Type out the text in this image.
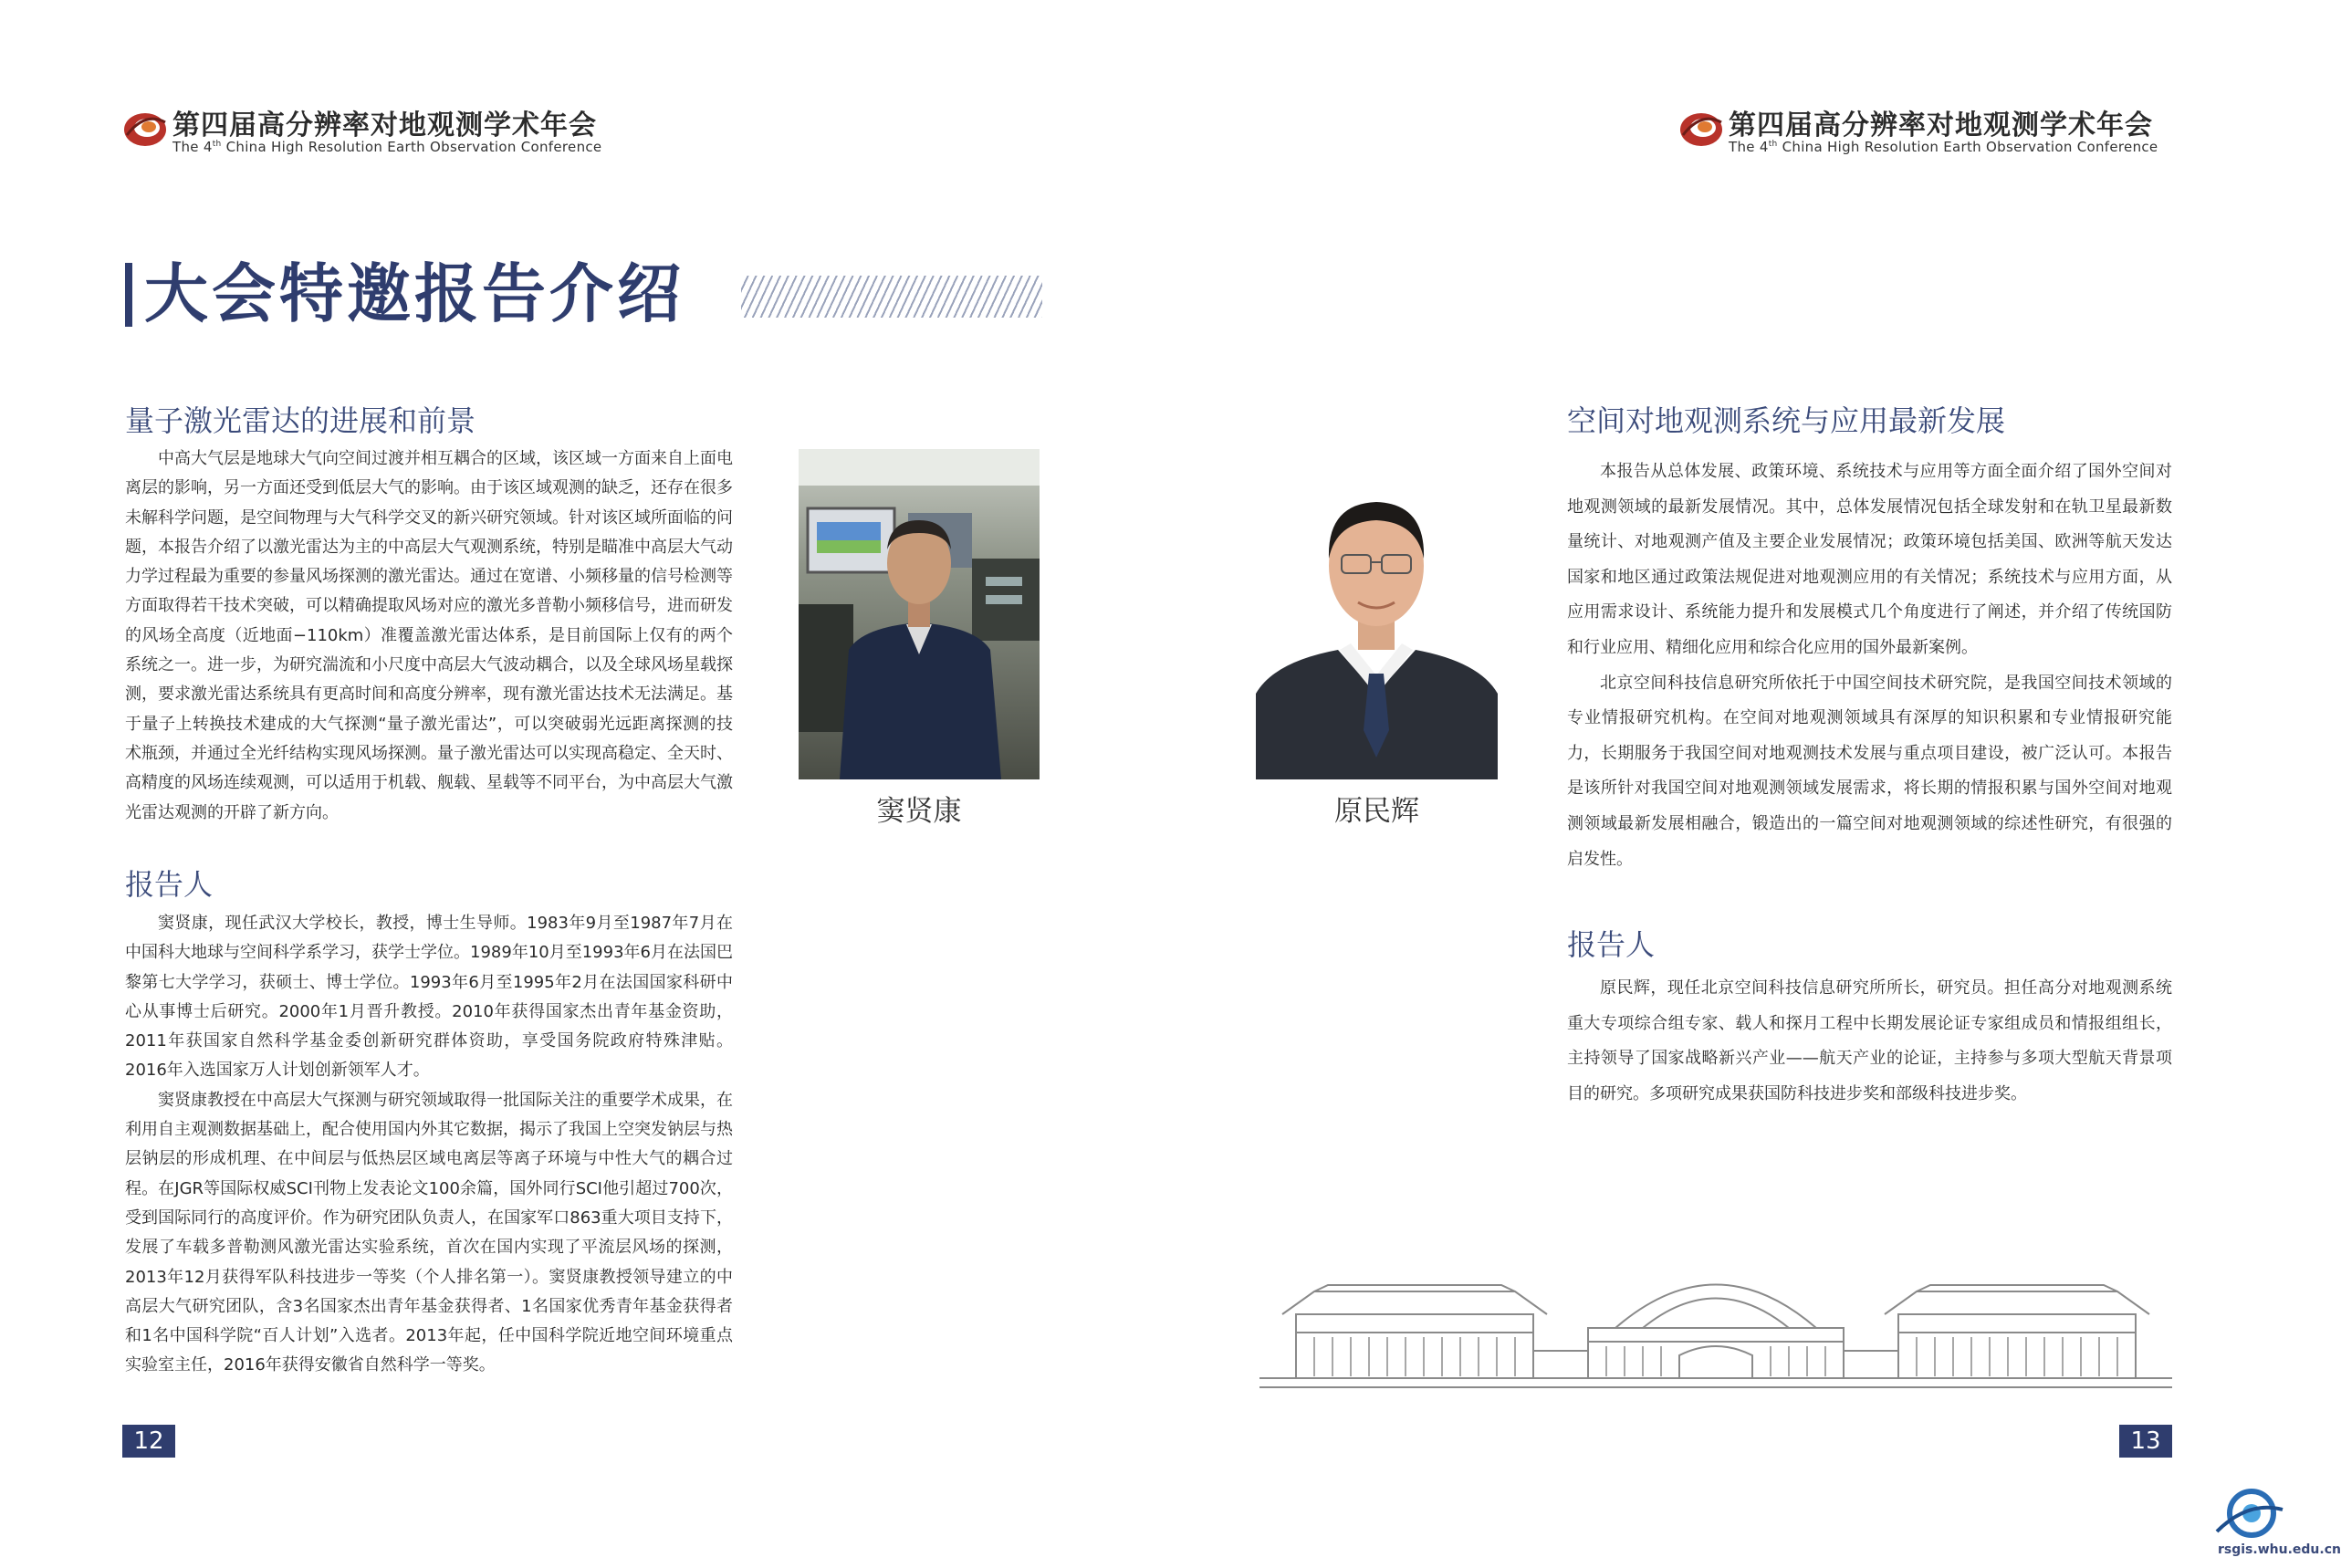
第四届高分辨率对地观测学术年会
The 4th China High Resolution Earth Observation Conference
第四届高分辨率对地观测学术年会
The 4th China High Resolution Earth Observation Conference
大会特邀报告介绍
量子激光雷达的进展和前景

中高大气层是地球大气向空间过渡并相互耦合的区域，该区域一方面来自上面电离层的影响，另一方面还受到低层大气的影响。由于该区域观测的缺乏，还存在很多未解科学问题，是空间物理与大气科学交叉的新兴研究领域。针对该区域所面临的问题，本报告介绍了以激光雷达为主的中高层大气观测系统，特别是瞄准中高层大气动力学过程最为重要的参量风场探测的激光雷达。通过在宽谱、小频移量的信号检测等方面取得若干技术突破，可以精确提取风场对应的激光多普勒小频移信号，进而研发的风场全高度（近地面−110km）准覆盖激光雷达体系，是目前国际上仅有的两个系统之一。进一步，为研究湍流和小尺度中高层大气波动耦合，以及全球风场星载探测，要求激光雷达系统具有更高时间和高度分辨率，现有激光雷达技术无法满足。基于量子上转换技术建成的大气探测“量子激光雷达”，可以突破弱光远距离探测的技术瓶颈，并通过全光纤结构实现风场探测。量子激光雷达可以实现高稳定、全天时、高精度的风场连续观测，可以适用于机载、舰载、星载等不同平台，为中高层大气激光雷达观测的开辟了新方向。	窦贤康
报告人

窦贤康，现任武汉大学校长，教授，博士生导师。1983年9月至1987年7月在中国科大地球与空间科学系学习，获学士学位。1989年10月至1993年6月在法国巴黎第七大学学习，获硕士、博士学位。1993年6月至1995年2月在法国国家科研中心从事博士后研究。2000年1月晋升教授。2010年获得国家杰出青年基金资助，2011年获国家自然科学基金委创新研究群体资助，享受国务院政府特殊津贴。2016年入选国家万人计划创新领军人才。

窦贤康教授在中高层大气探测与研究领域取得一批国际关注的重要学术成果，在利用自主观测数据基础上，配合使用国内外其它数据，揭示了我国上空突发钠层与热层钠层的形成机理、在中间层与低热层区域电离层等离子环境与中性大气的耦合过程。在JGR等国际权威SCI刊物上发表论文100余篇，国外同行SCI他引超过700次，受到国际同行的高度评价。作为研究团队负责人，在国家军口863重大项目支持下，发展了车载多普勒测风激光雷达实验系统，首次在国内实现了平流层风场的探测，2013年12月获得军队科技进步一等奖（个人排名第一）。窦贤康教授领导建立的中高层大气研究团队，含3名国家杰出青年基金获得者、1名国家优秀青年基金获得者和1名中国科学院“百人计划”入选者。2013年起，任中国科学院近地空间环境重点实验室主任，2016年获得安徽省自然科学一等奖。

12
原民辉
空间对地观测系统与应用最新发展

本报告从总体发展、政策环境、系统技术与应用等方面全面介绍了国外空间对地观测领域的最新发展情况。其中，总体发展情况包括全球发射和在轨卫星最新数量统计、对地观测产值及主要企业发展情况；政策环境包括美国、欧洲等航天发达国家和地区通过政策法规促进对地观测应用的有关情况；系统技术与应用方面，从应用需求设计、系统能力提升和发展模式几个角度进行了阐述，并介绍了传统国防和行业应用、精细化应用和综合化应用的国外最新案例。

北京空间科技信息研究所依托于中国空间技术研究院，是我国空间技术领域的专业情报研究机构。在空间对地观测领域具有深厚的知识积累和专业情报研究能力，长期服务于我国空间对地观测技术发展与重点项目建设，被广泛认可。本报告是该所针对我国空间对地观测领域发展需求，将长期的情报积累与国外空间对地观测领域最新发展相融合，锻造出的一篇空间对地观测领域的综述性研究，有很强的启发性。

报告人

原民辉，现任北京空间科技信息研究所所长，研究员。担任高分对地观测系统重大专项综合组专家、载人和探月工程中长期发展论证专家组成员和情报组组长，主持领导了国家战略新兴产业——航天产业的论证，主持参与多项大型航天背景项目的研究。多项研究成果获国防科技进步奖和部级科技进步奖。

13
rsgis.whu.edu.cn
